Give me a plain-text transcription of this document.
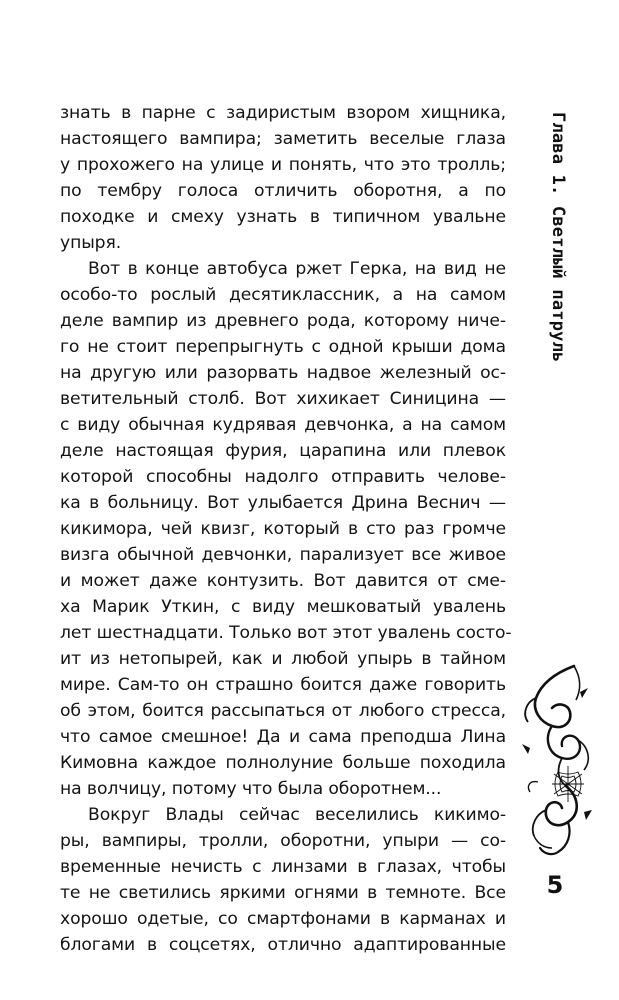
знать в парне с задиристым взором хищника,
настоящего вампира; заметить веселые глаза
у прохожего на улице и понять, что это тролль;
по тембру голоса отличить оборотня, а по
походке и смеху узнать в типичном увальне
упыря.
Вот в конце автобуса ржет Герка, на вид не
особо-то рослый десятиклассник, а на самом
деле вампир из древнего рода, которому ниче-
го не стоит перепрыгнуть с одной крыши дома
на другую или разорвать надвое железный ос-
ветительный столб. Вот хихикает Синицина —
с виду обычная кудрявая девчонка, а на самом
деле настоящая фурия, царапина или плевок
которой способны надолго отправить челове-
ка в больницу. Вот улыбается Дрина Веснич —
кикимора, чей квизг, который в сто раз громче
визга обычной девчонки, парализует все живое
и может даже контузить. Вот давится от сме-
ха Марик Уткин, с виду мешковатый увалень
лет шестнадцати. Только вот этот увалень состо-
ит из нетопырей, как и любой упырь в тайном
мире. Сам-то он страшно боится даже говорить
об этом, боится рассыпаться от любого стресса,
что самое смешное! Да и сама преподша Лина
Кимовна каждое полнолуние больше походила
на волчицу, потому что была оборотнем...
Вокруг Влады сейчас веселились кикимо-
ры, вампиры, тролли, оборотни, упыри — со-
временные нечисть с линзами в глазах, чтобы
те не светились яркими огнями в темноте. Все
хорошо одетые, со смартфонами в карманах и
блогами в соцсетях, отлично адаптированные
Глава 1. Светлый патруль
5
